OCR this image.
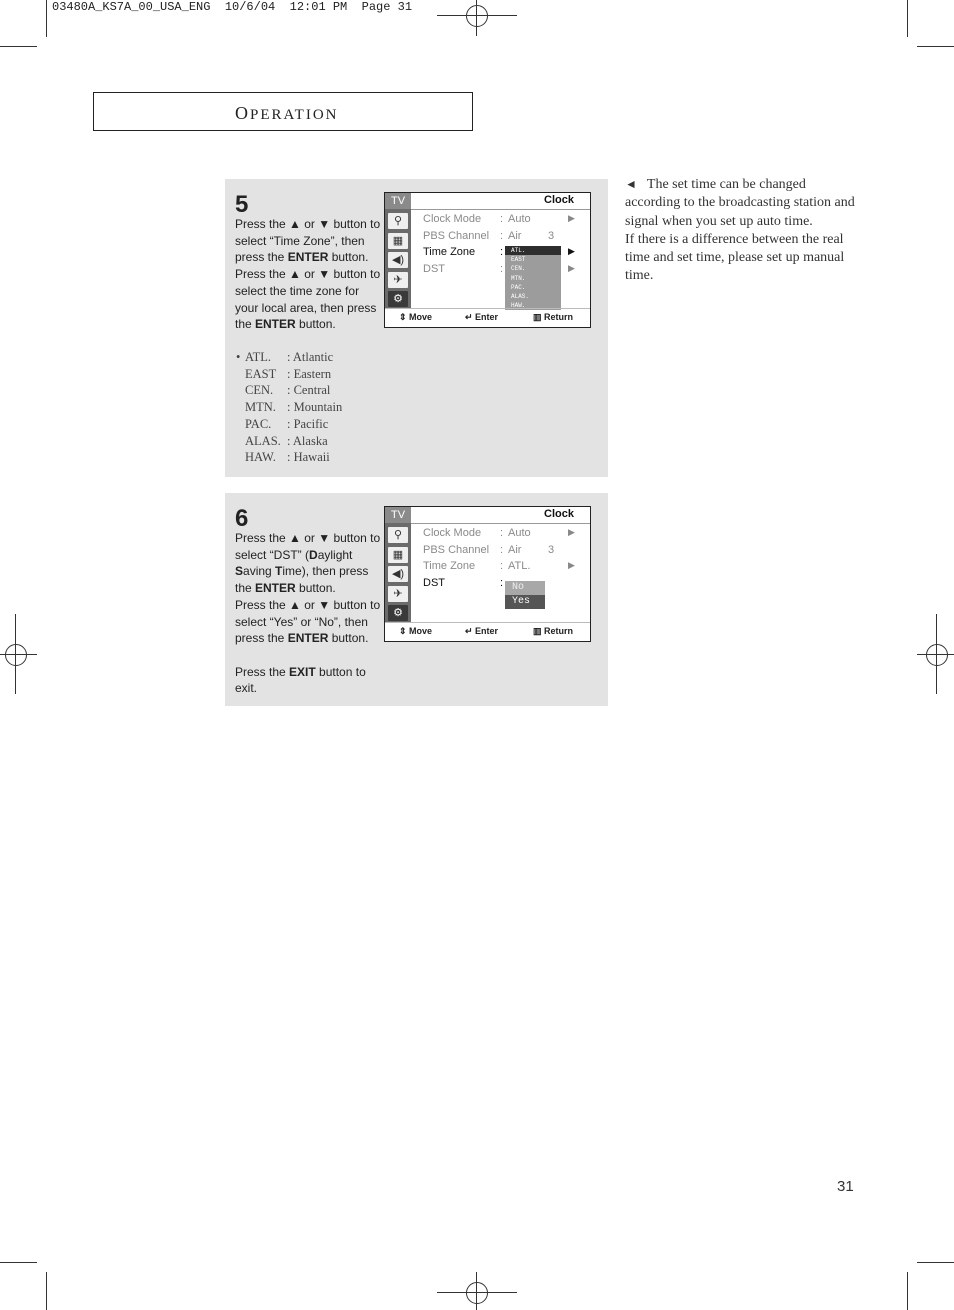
03480A_KS7A_00_USA_ENG  10/6/04  12:01 PM  Page 31
OPERATION
5
Press the ▲ or ▼ button to
select “Time Zone”, then
press the ENTER button.
Press the ▲ or ▼ button to
select the time zone for
your local area, then press
the ENTER button.
• ATL.	: Atlantic
EAST : Eastern
CEN.	: Central
MTN. : Mountain
PAC.	: Pacific
ALAS. : Alaska
HAW. : Hawaii
TV	Clock
⚲
▦
◀)
✈
⚙
Clock Mode : Auto	▶
PBS Channel : Air 3
Time Zone :	▶
DST	:	▶
ATL.
EAST
CEN.
MTN.
PAC.
ALAS.
HAW.
⇕ Move	↵ Enter	▥ Return
6
Press the ▲ or ▼ button to
select “DST” (Daylight
Saving Time), then press
the ENTER button.
Press the ▲ or ▼ button to
select “Yes” or “No”, then
press the ENTER button.
Press the EXIT button to
exit.
TV	Clock
⚲
▦
◀)
✈
⚙
Clock Mode : Auto	▶
PBS Channel : Air 3
Time Zone : ATL.	▶
DST	: No
Yes
⇕ Move	↵ Enter	▥ Return
◄ The set time can be changed according to the broadcasting station and signal when you set up auto time.
If there is a difference between the real time and set time, please set up manual time.
31
